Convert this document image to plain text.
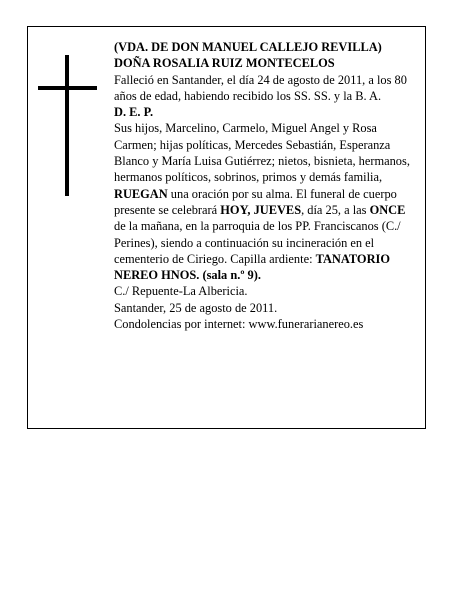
(VDA. DE DON MANUEL CALLEJO REVILLA)

DOÑA ROSALIA RUIZ MONTECELOS

Falleció en Santander, el día 24 de agosto de 2011, a los 80 años de edad, habiendo recibido los SS. SS. y la B. A.

D. E. P.

Sus hijos, Marcelino, Carmelo, Miguel Angel y Rosa Carmen; hijas políticas, Mercedes Sebastián, Esperanza Blanco y María Luisa Gutiérrez; nietos, bisnieta, hermanos, hermanos políticos, sobrinos, primos y demás familia,

RUEGAN una oración por su alma. El funeral de cuerpo presente se celebrará HOY, JUEVES, día 25, a las ONCE de la mañana, en la parroquia de los PP. Franciscanos (C./ Perines), siendo a continuación su incineración en el cementerio de Ciriego. Capilla ardiente: TANATORIO NEREO HNOS. (sala n.º 9).

C./ Repuente-La Albericia.

Santander, 25 de agosto de 2011.

Condolencias por internet: www.funerarianereo.es
